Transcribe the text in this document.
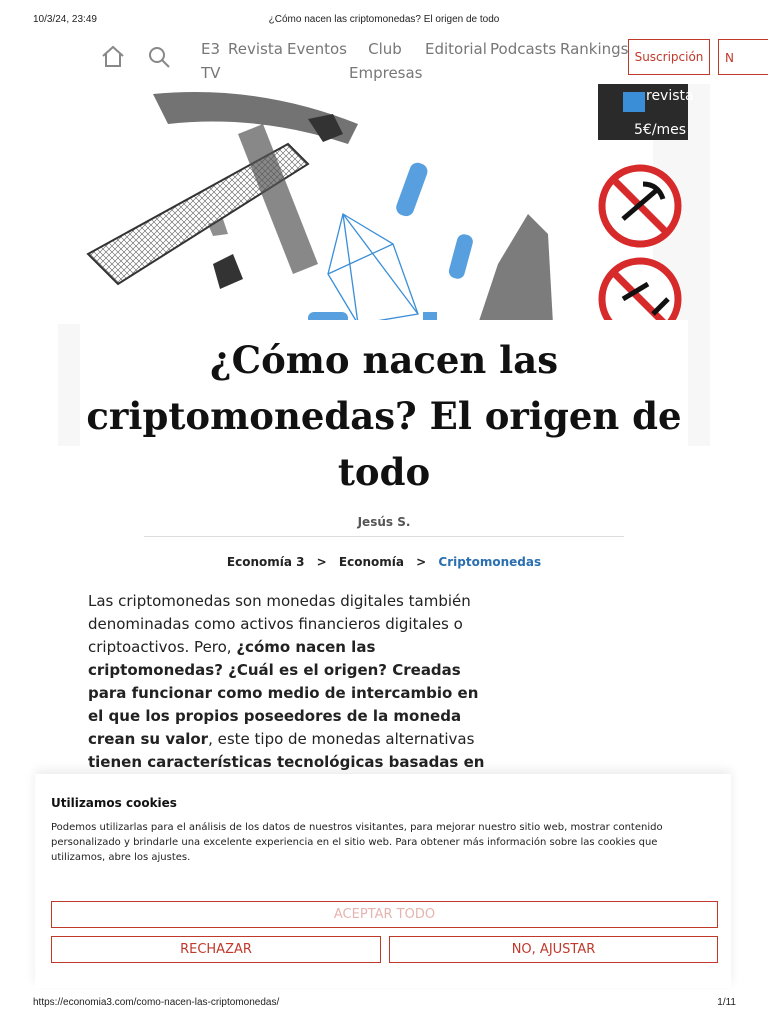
10/3/24, 23:49	¿Cómo nacen las criptomonedas? El origen de todo
E3 TV
Revista Eventos	Club Empresas
Editorial Podcasts Rankings Suscripción	N
revista
5€/mes
¿Cómo nacen las criptomonedas? El origen de todo
Jesús S.
Economía 3 > Economía > Criptomonedas
Las criptomonedas son monedas digitales también denominadas como activos financieros digitales o criptoactivos. Pero, ¿cómo nacen las criptomonedas? ¿Cuál es el origen? Creadas para funcionar como medio de intercambio en el que los propios poseedores de la moneda crean su valor, este tipo de monedas alternativas tienen características tecnológicas basadas en
Utilizamos cookies
Podemos utilizarlas para el análisis de los datos de nuestros visitantes, para mejorar nuestro sitio web, mostrar contenido personalizado y brindarle una excelente experiencia en el sitio web. Para obtener más información sobre las cookies que utilizamos, abre los ajustes.
ACEPTAR TODO
RECHAZAR	NO, AJUSTAR
https://economia3.com/como-nacen-las-criptomonedas/	1/11
